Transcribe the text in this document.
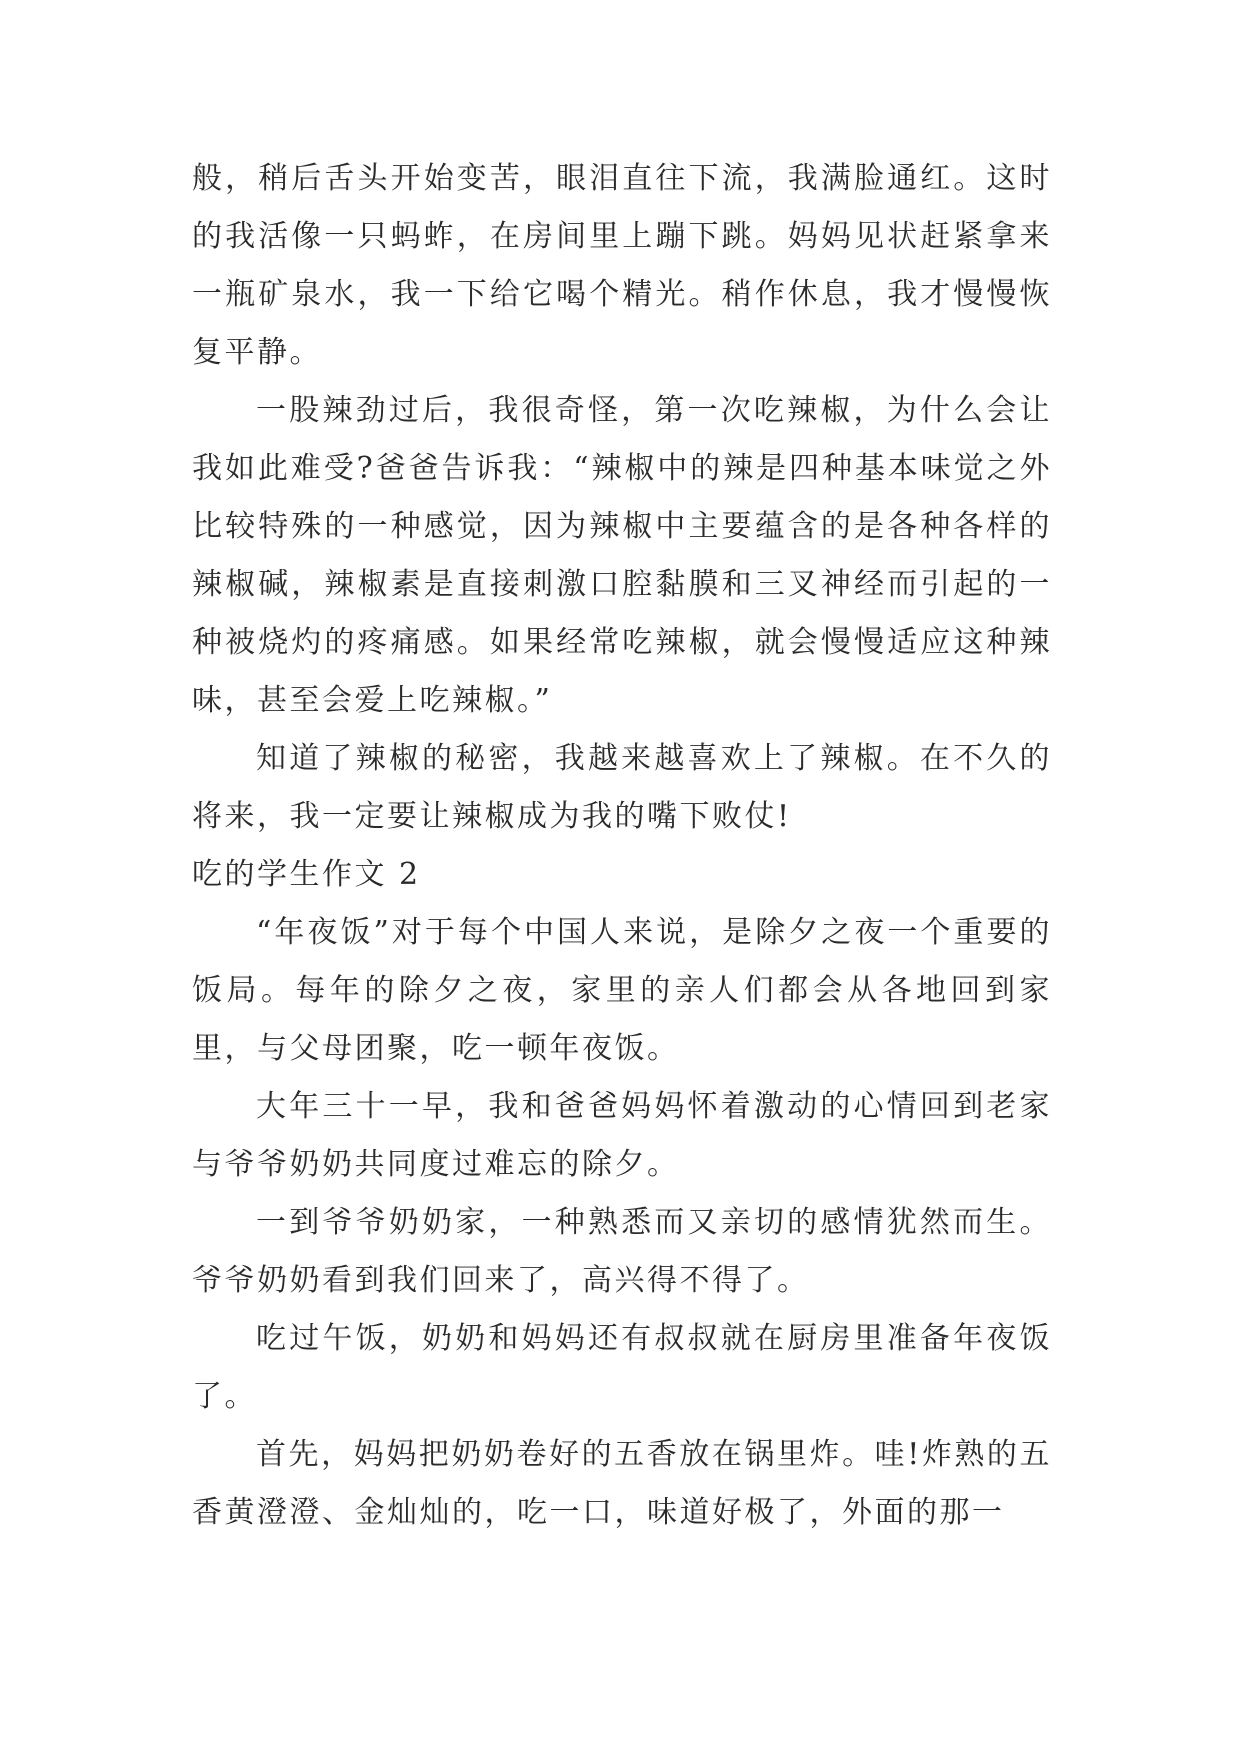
般，稍后舌头开始变苦，眼泪直往下流，我满脸通红。这时的我活像一只蚂蚱，在房间里上蹦下跳。妈妈见状赶紧拿来一瓶矿泉水，我一下给它喝个精光。稍作休息，我才慢慢恢复平静。

一股辣劲过后，我很奇怪，第一次吃辣椒，为什么会让我如此难受?爸爸告诉我：“辣椒中的辣是四种基本味觉之外比较特殊的一种感觉，因为辣椒中主要蕴含的是各种各样的辣椒碱，辣椒素是直接刺激口腔黏膜和三叉神经而引起的一种被烧灼的疼痛感。如果经常吃辣椒，就会慢慢适应这种辣味，甚至会爱上吃辣椒。”

知道了辣椒的秘密，我越来越喜欢上了辣椒。在不久的将来，我一定要让辣椒成为我的嘴下败仗!

吃的学生作文 2

“年夜饭”对于每个中国人来说，是除夕之夜一个重要的饭局。每年的除夕之夜，家里的亲人们都会从各地回到家里，与父母团聚，吃一顿年夜饭。

大年三十一早，我和爸爸妈妈怀着激动的心情回到老家与爷爷奶奶共同度过难忘的除夕。

一到爷爷奶奶家，一种熟悉而又亲切的感情犹然而生。爷爷奶奶看到我们回来了，高兴得不得了。

吃过午饭，奶奶和妈妈还有叔叔就在厨房里准备年夜饭了。

首先，妈妈把奶奶卷好的五香放在锅里炸。哇!炸熟的五香黄澄澄、金灿灿的，吃一口，味道好极了，外面的那一
